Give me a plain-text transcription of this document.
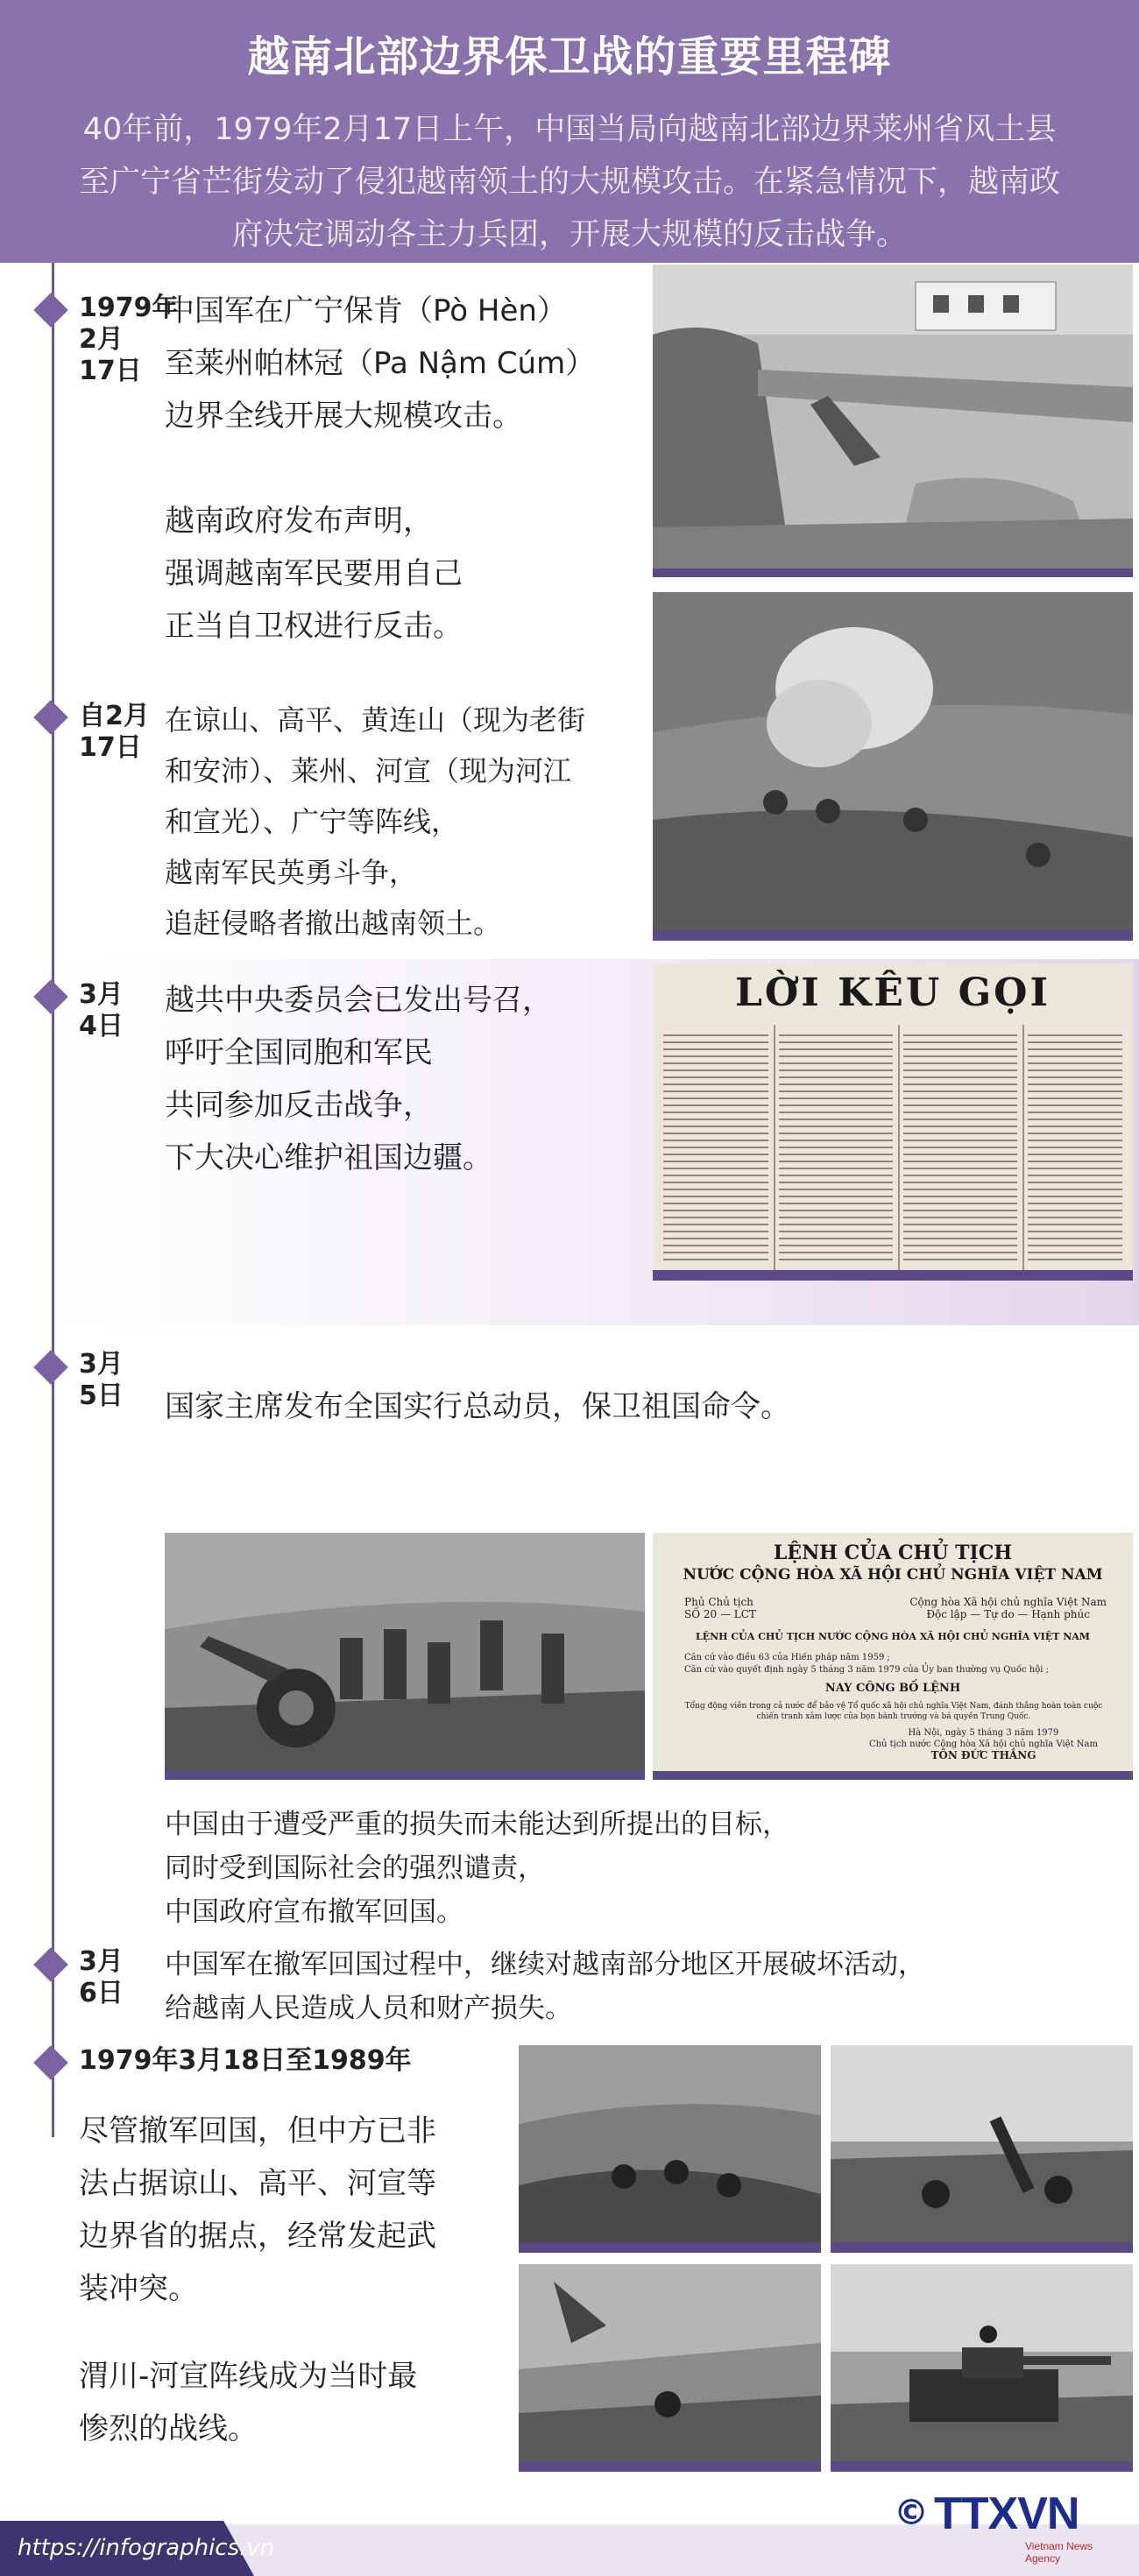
越南北部边界保卫战的重要里程碑
40年前，1979年2月17日上午，中国当局向越南北部边界莱州省风土县
至广宁省芒街发动了侵犯越南领土的大规模攻击。在紧急情况下，越南政
府决定调动各主力兵团，开展大规模的反击战争。
1979年
2月
17日
中国军在广宁保肯（Pò Hèn）
至莱州帕林冠（Pa Nậm Cúm）
边界全线开展大规模攻击。
越南政府发布声明，
强调越南军民要用自己
正当自卫权进行反击。
自2月
17日
在谅山、高平、黄连山（现为老街
和安沛）、莱州、河宣（现为河江
和宣光）、广宁等阵线，
越南军民英勇斗争，
追赶侵略者撤出越南领土。
3月
4日
越共中央委员会已发出号召，
呼吁全国同胞和军民
共同参加反击战争，
下大决心维护祖国边疆。
LỜI KÊU GỌI
3月
5日 国家主席发布全国实行总动员，保卫祖国命令。
LỆNH CỦA CHỦ TỊCH
NƯỚC CỘNG HÒA XÃ HỘI CHỦ NGHĨA VIỆT NAM
Phủ Chủ tịch
SỐ 20 — LCT
Cộng hòa Xã hội chủ nghĩa Việt Nam
Độc lập — Tự do — Hạnh phúc
LỆNH CỦA CHỦ TỊCH NƯỚC CỘNG HÒA XÃ HỘI CHỦ NGHĨA VIỆT NAM
Căn cứ vào điều 63 của Hiến pháp năm 1959 ;
Căn cứ vào quyết định ngày 5 tháng 3 năm 1979 của Ủy ban thường vụ Quốc hội ;
NAY CÔNG BỐ LỆNH
Tổng động viên trong cả nước để bảo vệ Tổ quốc xã hội chủ nghĩa Việt Nam, đánh thắng hoàn toàn cuộc
chiến tranh xâm lược của bọn bành trướng và bá quyền Trung Quốc.
Hà Nội, ngày 5 tháng 3 năm 1979
Chủ tịch nước Cộng hòa Xã hội chủ nghĩa Việt Nam
TÔN ĐỨC THẮNG
中国由于遭受严重的损失而未能达到所提出的目标，
同时受到国际社会的强烈谴责，
中国政府宣布撤军回国。
3月
6日
中国军在撤军回国过程中，继续对越南部分地区开展破坏活动，
给越南人民造成人员和财产损失。
1979年3月18日至1989年
尽管撤军回国，但中方已非
法占据谅山、高平、河宣等
边界省的据点，经常发起武
装冲突。
渭川-河宣阵线成为当时最
惨烈的战线。
https://infographics.vn
© TTXVN
Vietnam News Agency
